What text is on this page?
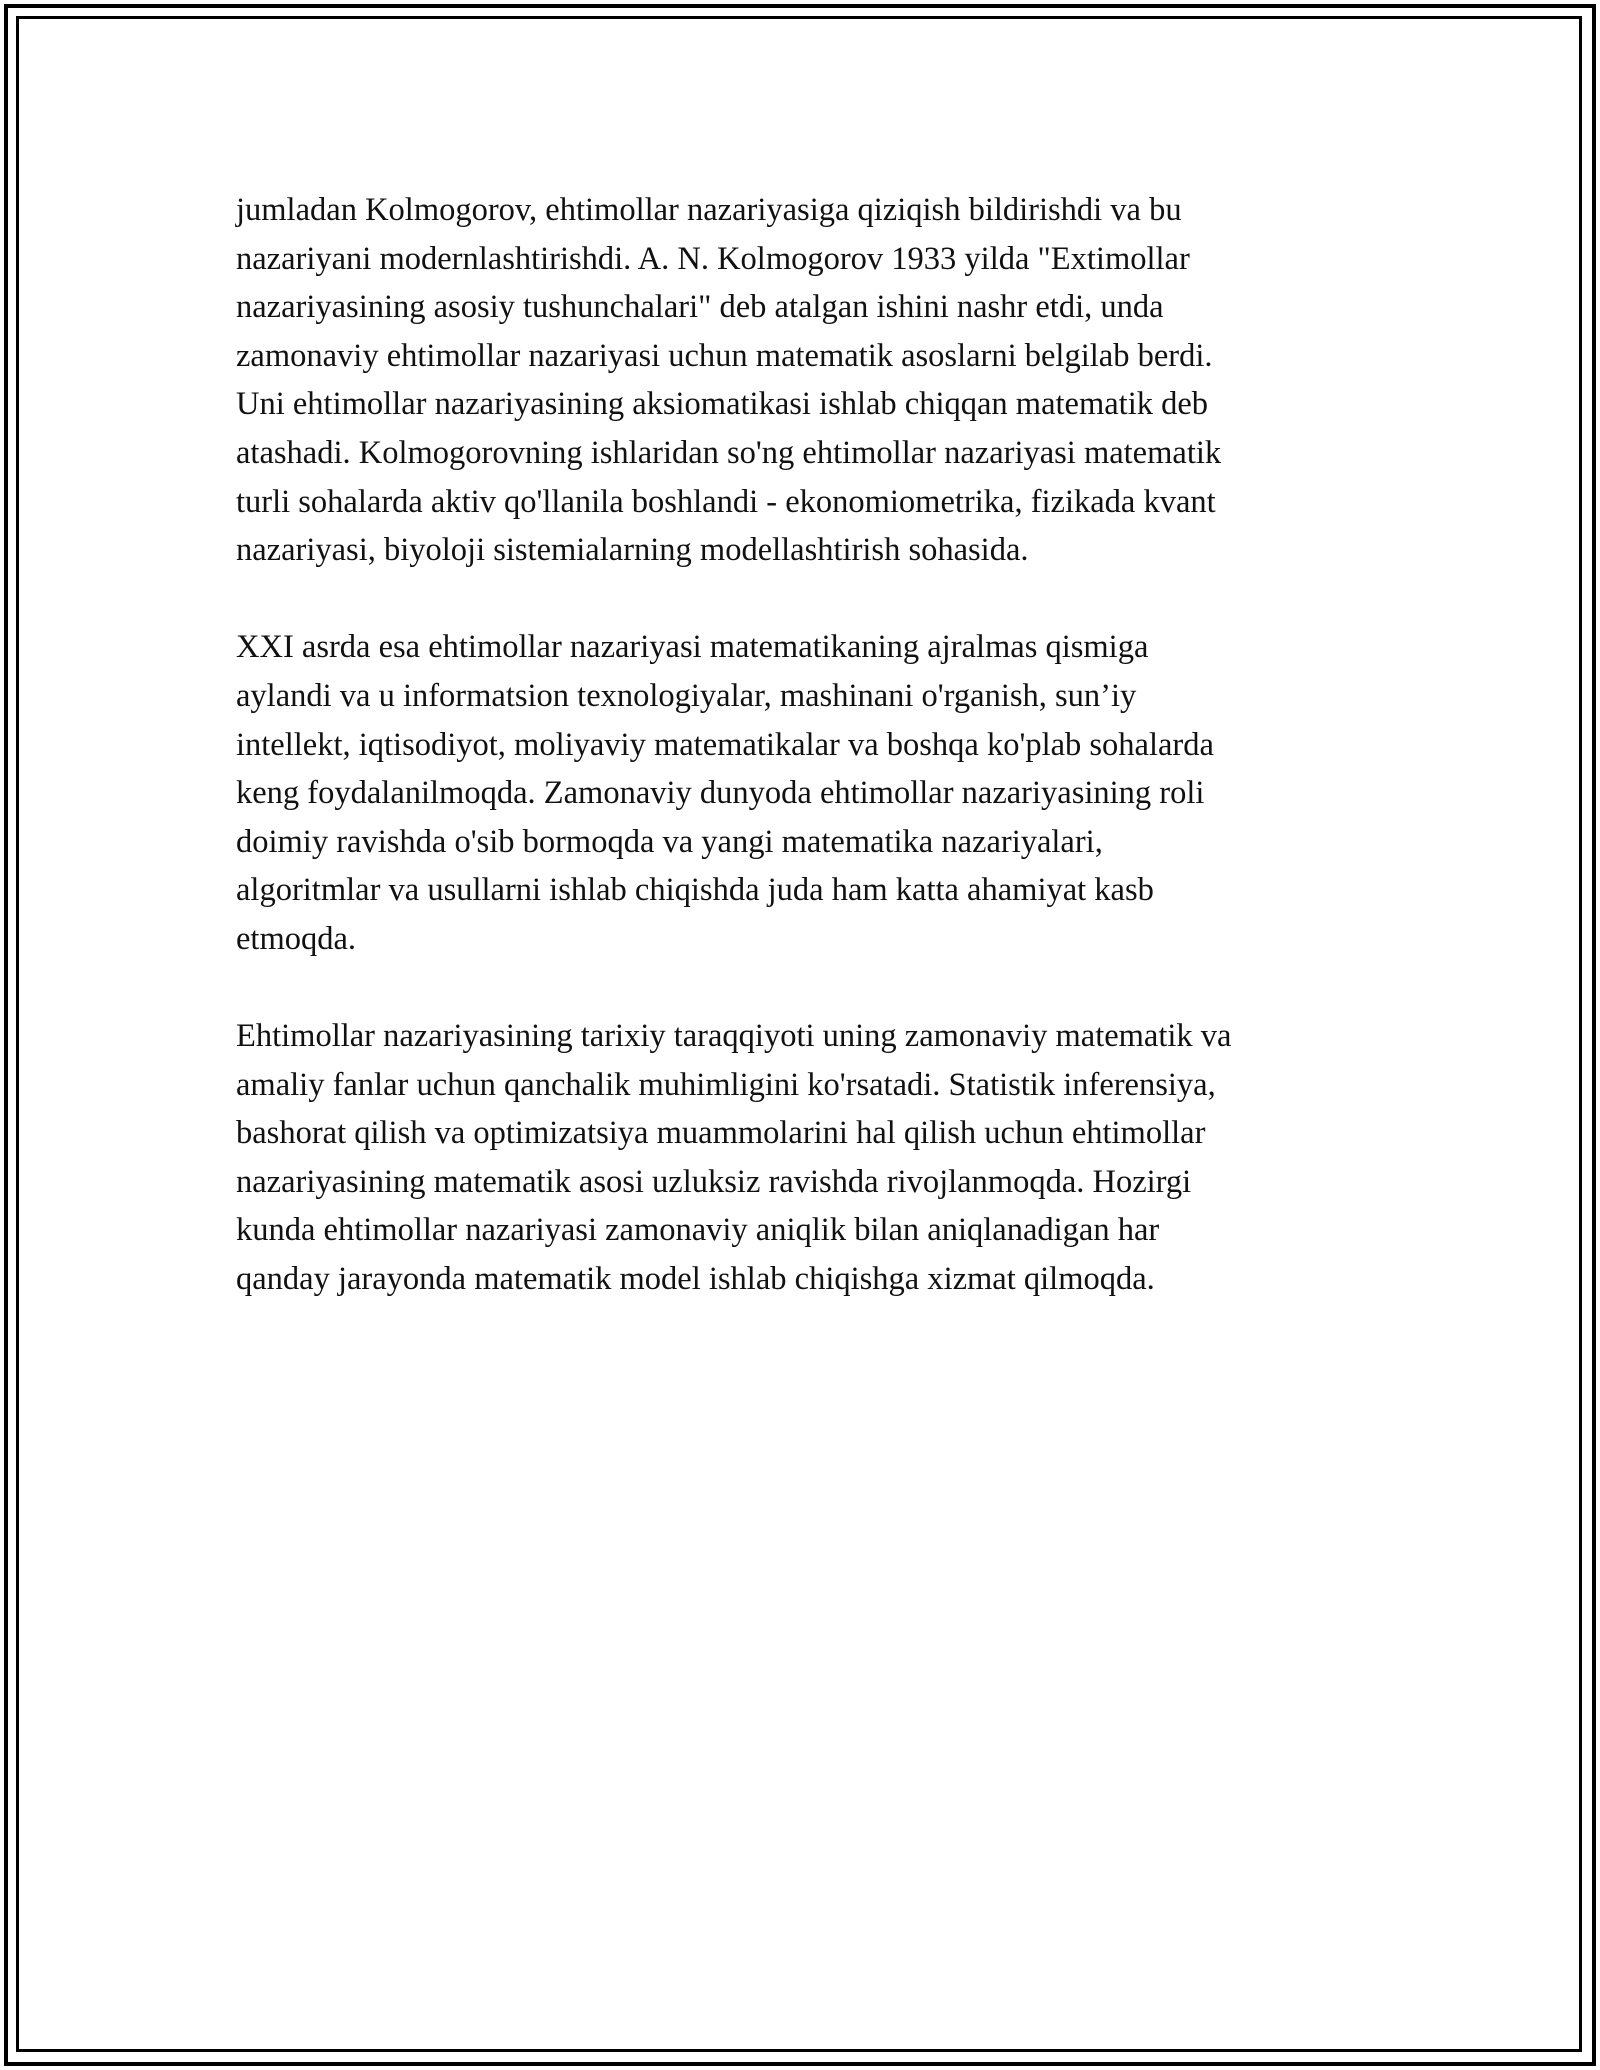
jumladan Kolmogorov, ehtimollar nazariyasiga qiziqish bildirishdi va bu
nazariyani modernlashtirishdi. A. N. Kolmogorov 1933 yilda "Extimollar
nazariyasining asosiy tushunchalari" deb atalgan ishini nashr etdi, unda
zamonaviy ehtimollar nazariyasi uchun matematik asoslarni belgilab berdi.
Uni ehtimollar nazariyasining aksiomatikasi ishlab chiqqan matematik deb
atashadi. Kolmogorovning ishlaridan so'ng ehtimollar nazariyasi matematik
turli sohalarda aktiv qo'llanila boshlandi - ekonomiometrika, fizikada kvant
nazariyasi, biyoloji sistemialarning modellashtirish sohasida.

XXI asrda esa ehtimollar nazariyasi matematikaning ajralmas qismiga
aylandi va u informatsion texnologiyalar, mashinani o'rganish, sun’iy
intellekt, iqtisodiyot, moliyaviy matematikalar va boshqa ko'plab sohalarda
keng foydalanilmoqda. Zamonaviy dunyoda ehtimollar nazariyasining roli
doimiy ravishda o'sib bormoqda va yangi matematika nazariyalari,
algoritmlar va usullarni ishlab chiqishda juda ham katta ahamiyat kasb
etmoqda.

Ehtimollar nazariyasining tarixiy taraqqiyoti uning zamonaviy matematik va
amaliy fanlar uchun qanchalik muhimligini ko'rsatadi. Statistik inferensiya,
bashorat qilish va optimizatsiya muammolarini hal qilish uchun ehtimollar
nazariyasining matematik asosi uzluksiz ravishda rivojlanmoqda. Hozirgi
kunda ehtimollar nazariyasi zamonaviy aniqlik bilan aniqlanadigan har
qanday jarayonda matematik model ishlab chiqishga xizmat qilmoqda.
